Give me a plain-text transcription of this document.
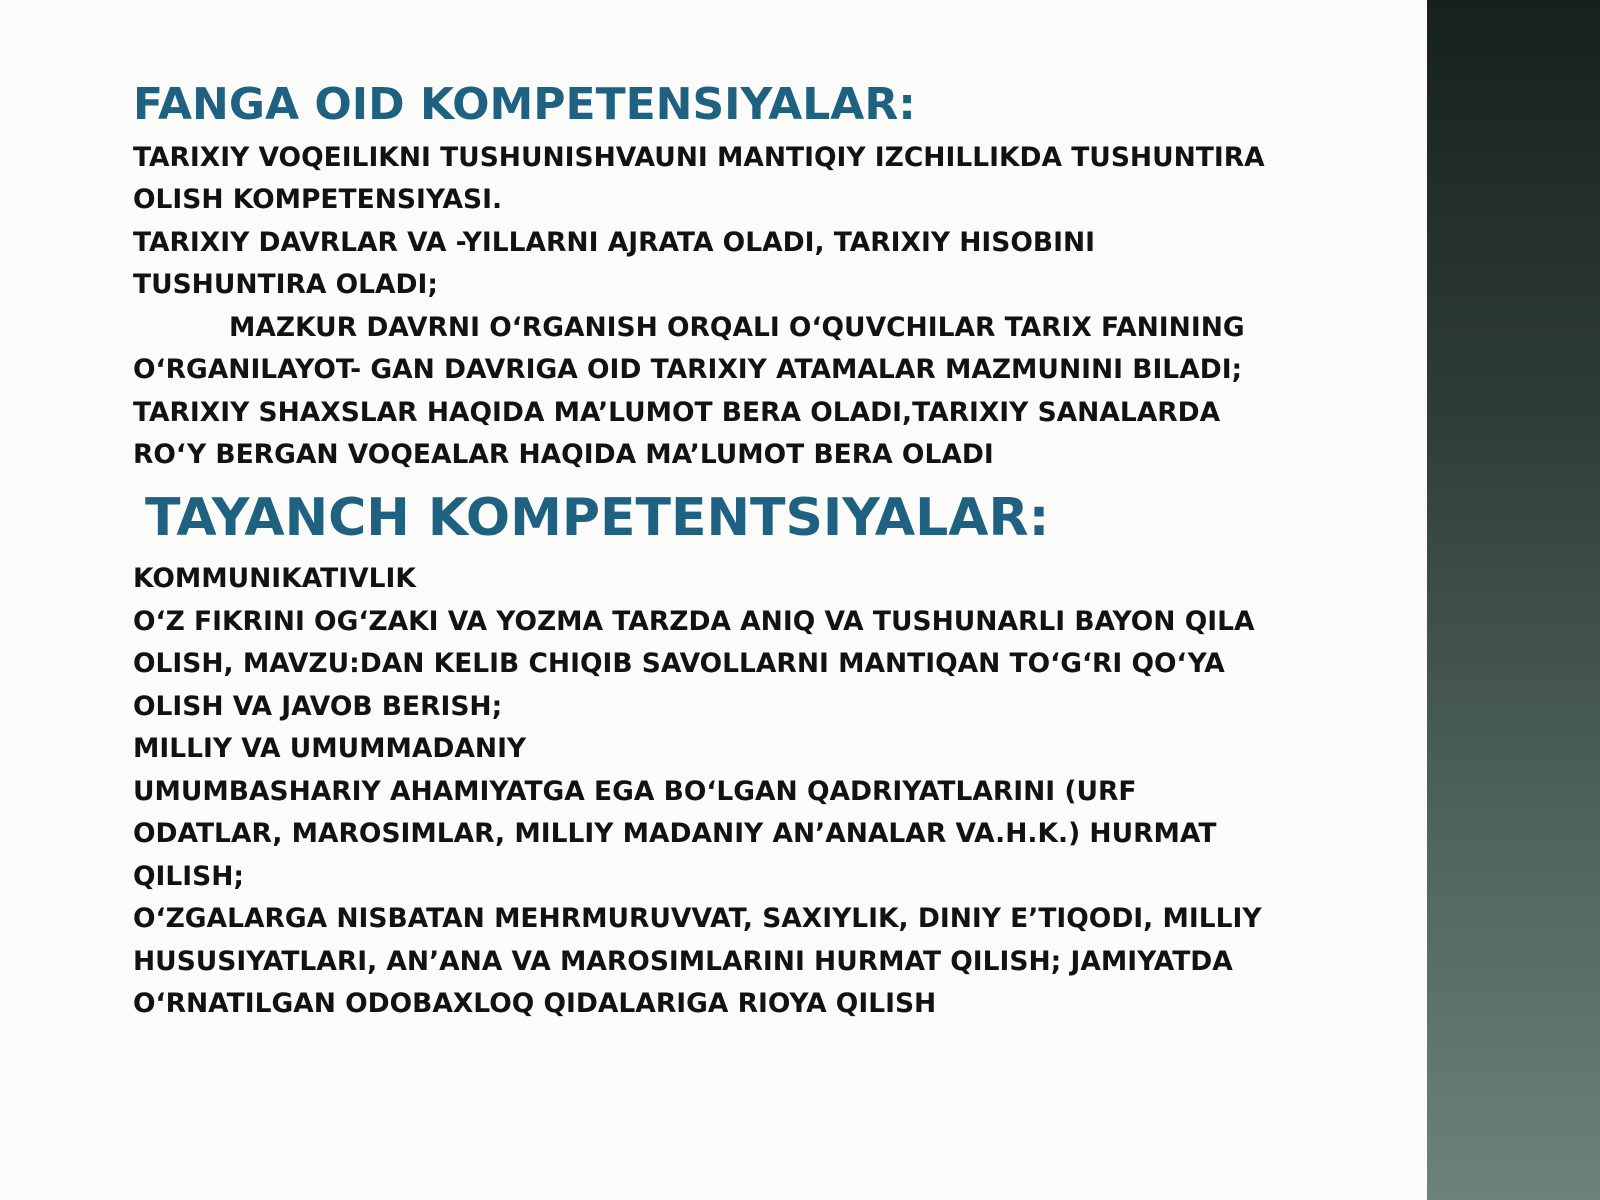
FANGA OID KOMPETENSIYALAR:

TARIXIY VOQEILIKNI TUSHUNISHVAUNI MANTIQIY IZCHILLIKDA TUSHUNTIRA

OLISH KOMPETENSIYASI.

TARIXIY DAVRLAR VA -YILLARNI AJRATA OLADI, TARIXIY HISOBINI

TUSHUNTIRA OLADI;

MAZKUR DAVRNI O‘RGANISH ORQALI O‘QUVCHILAR TARIX FANINING

O‘RGANILAYOT- GAN DAVRIGA OID TARIXIY ATAMALAR MAZMUNINI BILADI;

TARIXIY SHAXSLAR HAQIDA MA’LUMOT BERA OLADI,TARIXIY SANALARDA

RO‘Y BERGAN VOQEALAR HAQIDA MA’LUMOT BERA OLADI

TAYANCH KOMPETENTSIYALAR:

KOMMUNIKATIVLIK

O‘Z FIKRINI OG‘ZAKI VA YOZMA TARZDA ANIQ VA TUSHUNARLI BAYON QILA

OLISH, MAVZU:DAN KELIB CHIQIB SAVOLLARNI MANTIQAN TO‘G‘RI QO‘YA

OLISH VA JAVOB BERISH;

MILLIY VA UMUMMADANIY

UMUMBASHARIY AHAMIYATGA EGA BO‘LGAN QADRIYATLARINI (URF

ODATLAR, MAROSIMLAR, MILLIY MADANIY AN’ANALAR VA.H.K.) HURMAT

QILISH;

O‘ZGALARGA NISBATAN MEHRMURUVVAT, SAXIYLIK, DINIY E’TIQODI, MILLIY

HUSUSIYATLARI, AN’ANA VA MAROSIMLARINI HURMAT QILISH; JAMIYATDA

O‘RNATILGAN ODOBAXLOQ QIDALARIGA RIOYA QILISH
